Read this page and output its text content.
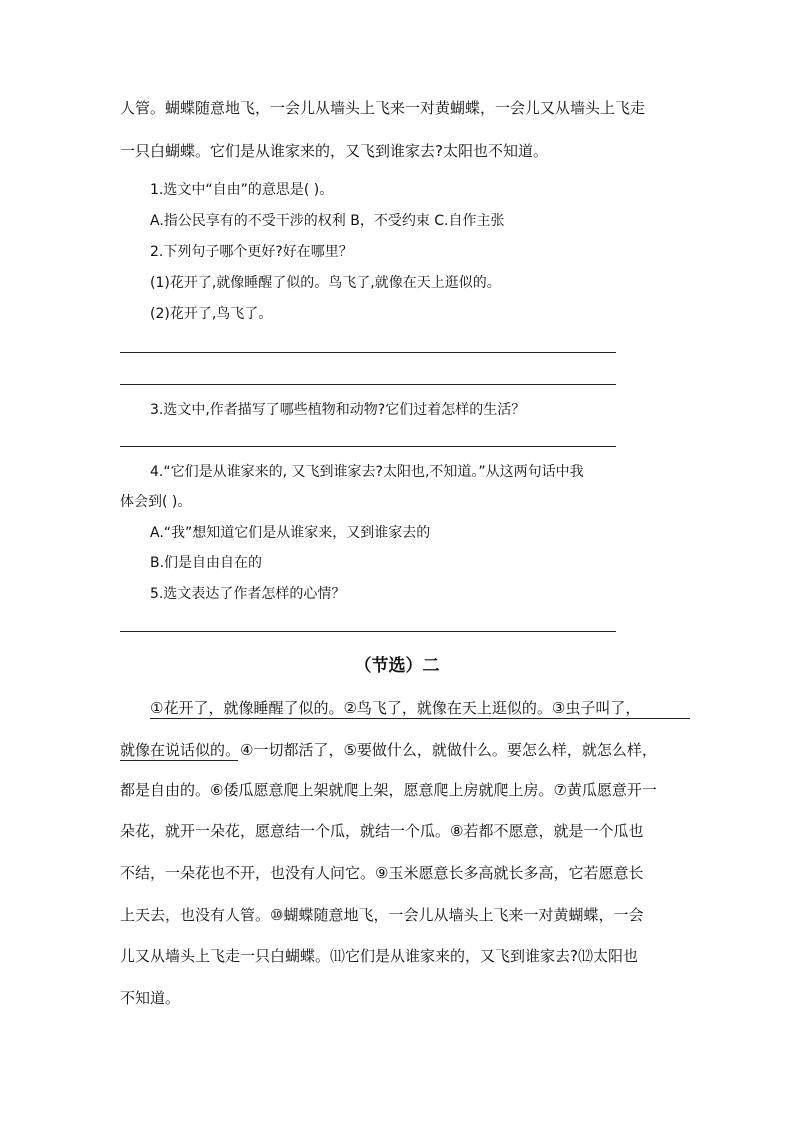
人管。蝴蝶随意地飞，一会儿从墙头上飞来一对黄蝴蝶，一会儿又从墙头上飞走
一只白蝴蝶。它们是从谁家来的，又飞到谁家去?太阳也不知道。
1.选文中“自由”的意思是( )。
A.指公民享有的不受干涉的权利 B，不受约束 C.自作主张
2.下列句子哪个更好?好在哪里？
(1)花开了,就像睡醒了似的。鸟飞了,就像在天上逛似的。
(2)花开了,鸟飞了。
3.选文中,作者描写了哪些植物和动物?它们过着怎样的生活？
4.“它们是从谁家来的, 又飞到谁家去?太阳也,不知道。”从这两句话中我
体会到( )。
A.“我”想知道它们是从谁家来，又到谁家去的
B.们是自由自在的
5.选文表达了作者怎样的心情？
（节选）二
①花开了，就像睡醒了似的。②鸟飞了，就像在天上逛似的。③虫子叫了，
就像在说话似的。④一切都活了，⑤要做什么，就做什么。要怎么样，就怎么样，
都是自由的。⑥倭瓜愿意爬上架就爬上架，愿意爬上房就爬上房。⑦黄瓜愿意开一
朵花，就开一朵花，愿意结一个瓜，就结一个瓜。⑧若都不愿意，就是一个瓜也
不结，一朵花也不开，也没有人问它。⑨玉米愿意长多高就长多高，它若愿意长
上天去，也没有人管。⑩蝴蝶随意地飞，一会儿从墙头上飞来一对黄蝴蝶，一会
儿又从墙头上飞走一只白蝴蝶。⑾它们是从谁家来的，又飞到谁家去?⑿太阳也
不知道。
